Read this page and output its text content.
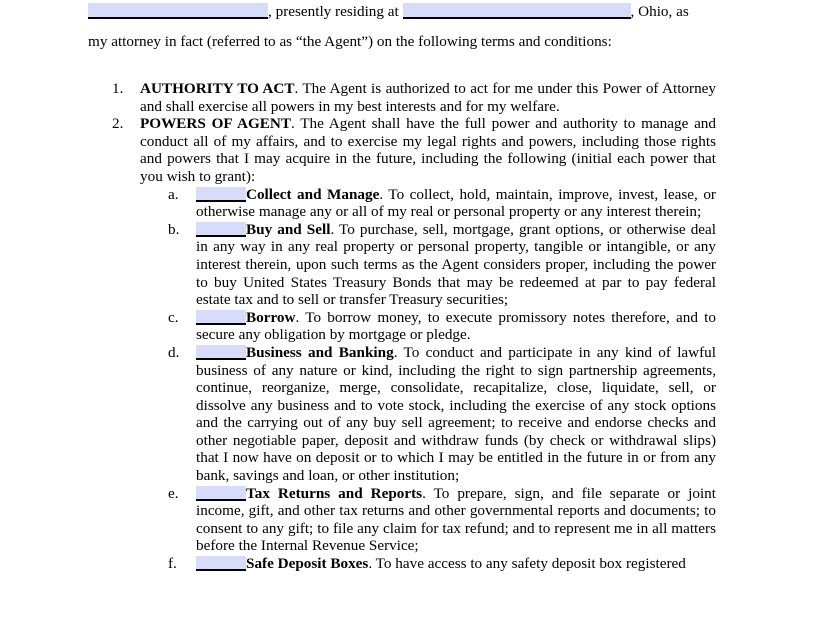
, presently residing at	, Ohio, as
my attorney in fact (referred to as “the Agent”) on the following terms and conditions:
1.	AUTHORITY TO ACT. The Agent is authorized to act for me under this Power of Attorney and shall exercise all powers in my best interests and for my welfare.
2.	POWERS OF AGENT. The Agent shall have the full power and authority to manage and conduct all of my affairs, and to exercise my legal rights and powers, including those rights and powers that I may acquire in the future, including the following (initial each power that you wish to grant):
a.	Collect and Manage. To collect, hold, maintain, improve, invest, lease, or otherwise manage any or all of my real or personal property or any interest therein;
b.	Buy and Sell. To purchase, sell, mortgage, grant options, or otherwise deal in any way in any real property or personal property, tangible or intangible, or any interest therein, upon such terms as the Agent considers proper, including the power to buy United States Treasury Bonds that may be redeemed at par to pay federal estate tax and to sell or transfer Treasury securities;
c.	Borrow. To borrow money, to execute promissory notes therefore, and to secure any obligation by mortgage or pledge.
d.	Business and Banking. To conduct and participate in any kind of lawful business of any nature or kind, including the right to sign partnership agreements, continue, reorganize, merge, consolidate, recapitalize, close, liquidate, sell, or dissolve any business and to vote stock, including the exercise of any stock options and the carrying out of any buy sell agreement; to receive and endorse checks and other negotiable paper, deposit and withdraw funds (by check or withdrawal slips) that I now have on deposit or to which I may be entitled in the future in or from any bank, savings and loan, or other institution;
e.	Tax Returns and Reports. To prepare, sign, and file separate or joint income, gift, and other tax returns and other governmental reports and documents; to consent to any gift; to file any claim for tax refund; and to represent me in all matters before the Internal Revenue Service;
f.	Safe Deposit Boxes. To have access to any safety deposit box registered
